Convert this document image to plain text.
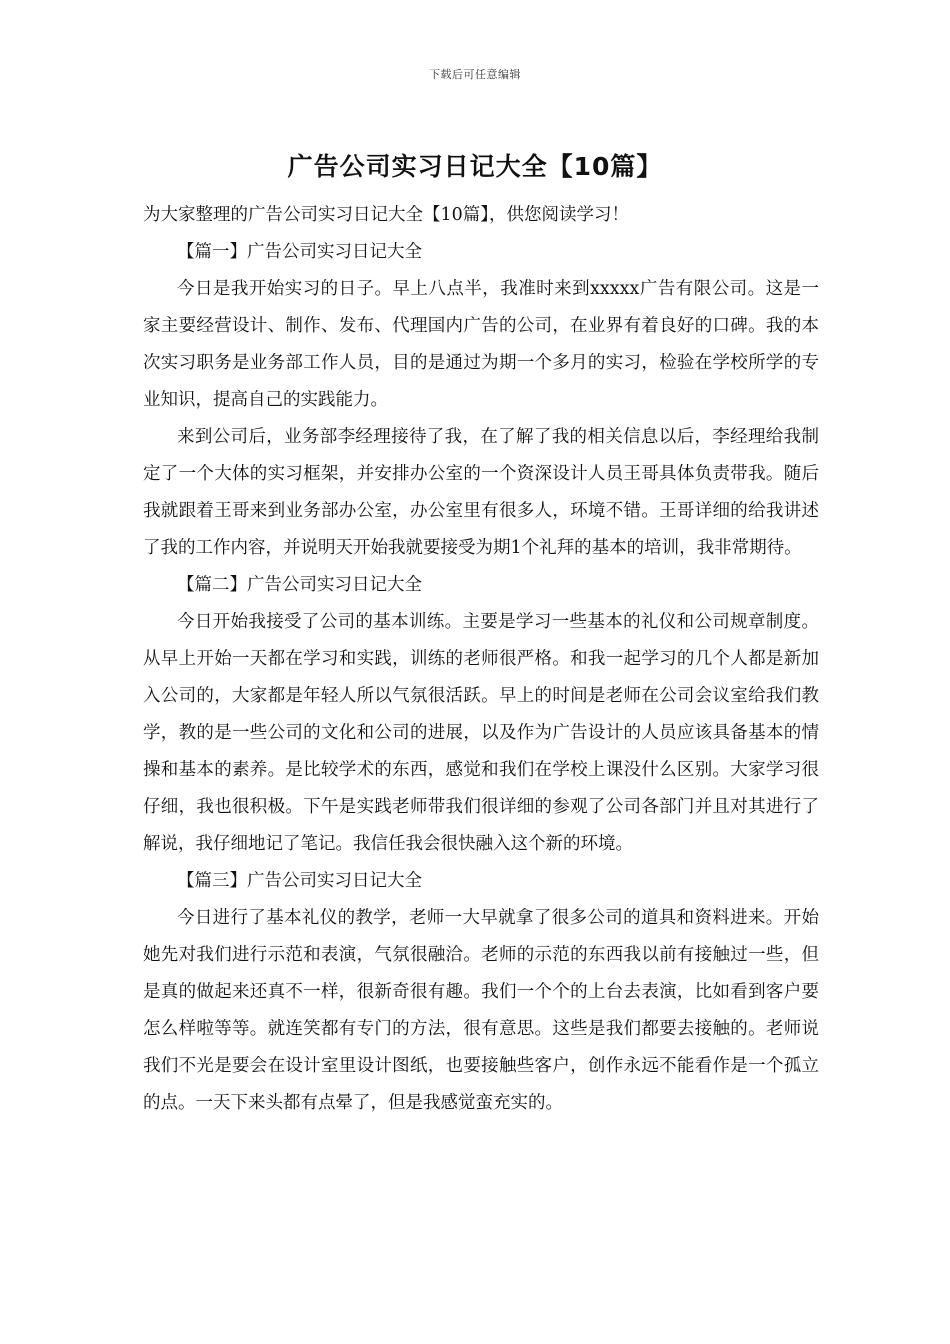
下载后可任意编辑
广告公司实习日记大全【10篇】

为大家整理的广告公司实习日记大全【10篇】，供您阅读学习！

【篇一】广告公司实习日记大全

今日是我开始实习的日子。早上八点半，我准时来到xxxxx广告有限公司。这是一家主要经营设计、制作、发布、代理国内广告的公司，在业界有着良好的口碑。我的本次实习职务是业务部工作人员，目的是通过为期一个多月的实习，检验在学校所学的专业知识，提高自己的实践能力。

来到公司后，业务部李经理接待了我，在了解了我的相关信息以后，李经理给我制定了一个大体的实习框架，并安排办公室的一个资深设计人员王哥具体负责带我。随后我就跟着王哥来到业务部办公室，办公室里有很多人，环境不错。王哥详细的给我讲述了我的工作内容，并说明天开始我就要接受为期1个礼拜的基本的培训，我非常期待。

【篇二】广告公司实习日记大全

今日开始我接受了公司的基本训练。主要是学习一些基本的礼仪和公司规章制度。从早上开始一天都在学习和实践，训练的老师很严格。和我一起学习的几个人都是新加入公司的，大家都是年轻人所以气氛很活跃。早上的时间是老师在公司会议室给我们教学，教的是一些公司的文化和公司的进展，以及作为广告设计的人员应该具备基本的情操和基本的素养。是比较学术的东西，感觉和我们在学校上课没什么区别。大家学习很仔细，我也很积极。下午是实践老师带我们很详细的参观了公司各部门并且对其进行了解说，我仔细地记了笔记。我信任我会很快融入这个新的环境。

【篇三】广告公司实习日记大全

今日进行了基本礼仪的教学，老师一大早就拿了很多公司的道具和资料进来。开始她先对我们进行示范和表演，气氛很融洽。老师的示范的东西我以前有接触过一些，但是真的做起来还真不一样，很新奇很有趣。我们一个个的上台去表演，比如看到客户要怎么样啦等等。就连笑都有专门的方法，很有意思。这些是我们都要去接触的。老师说我们不光是要会在设计室里设计图纸，也要接触些客户，创作永远不能看作是一个孤立的点。一天下来头都有点晕了，但是我感觉蛮充实的。
